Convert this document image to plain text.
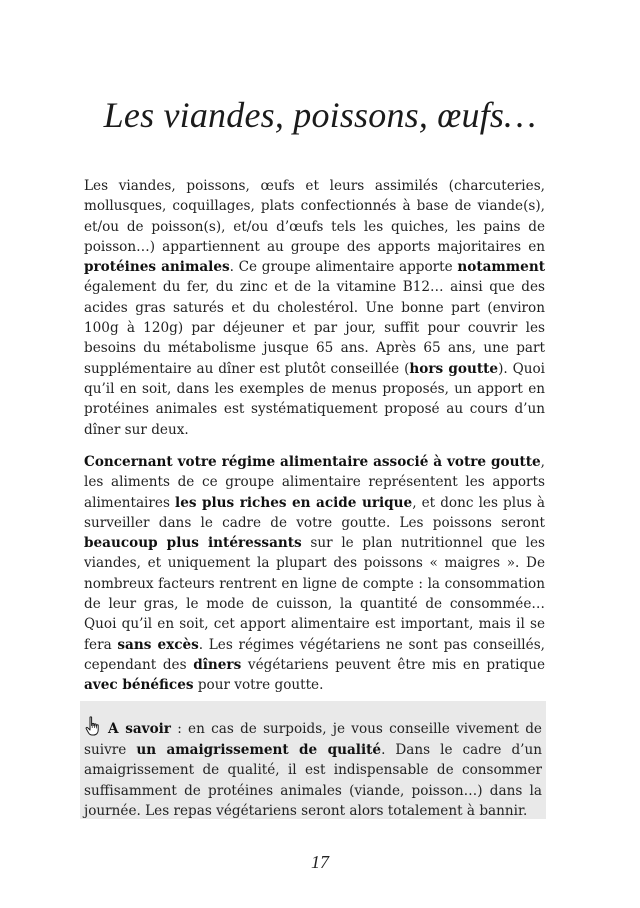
Les viandes, poissons, œufs…

Les viandes, poissons, œufs et leurs assimilés (charcuteries, mollusques, coquillages, plats confectionnés à base de viande(s), et/ou de poisson(s), et/ou d’œufs tels les quiches, les pains de poisson…) appartiennent au groupe des apports majoritaires en protéines animales. Ce groupe alimentaire apporte notamment également du fer, du zinc et de la vitamine B12… ainsi que des acides gras saturés et du cholestérol. Une bonne part (environ 100g à 120g) par déjeuner et par jour, suffit pour couvrir les besoins du métabolisme jusque 65 ans. Après 65 ans, une part supplémentaire au dîner est plutôt conseillée (hors goutte). Quoi qu’il en soit, dans les exemples de menus proposés, un apport en protéines animales est systématiquement proposé au cours d’un dîner sur deux.

Concernant votre régime alimentaire associé à votre goutte, les aliments de ce groupe alimentaire représentent les apports alimentaires les plus riches en acide urique, et donc les plus à surveiller dans le cadre de votre goutte. Les poissons seront beaucoup plus intéressants sur le plan nutritionnel que les viandes, et uniquement la plupart des poissons « maigres ». De nombreux facteurs rentrent en ligne de compte : la consommation de leur gras, le mode de cuisson, la quantité de consommée… Quoi qu’il en soit, cet apport alimentaire est important, mais il se fera sans excès. Les régimes végétariens ne sont pas conseillés, cependant des dîners végétariens peuvent être mis en pratique avec bénéfices pour votre goutte.

A savoir : en cas de surpoids, je vous conseille vivement de suivre un amaigrissement de qualité. Dans le cadre d’un amaigrissement de qualité, il est indispensable de consommer suffisamment de protéines animales (viande, poisson…) dans la journée. Les repas végétariens seront alors totalement à bannir.

17
